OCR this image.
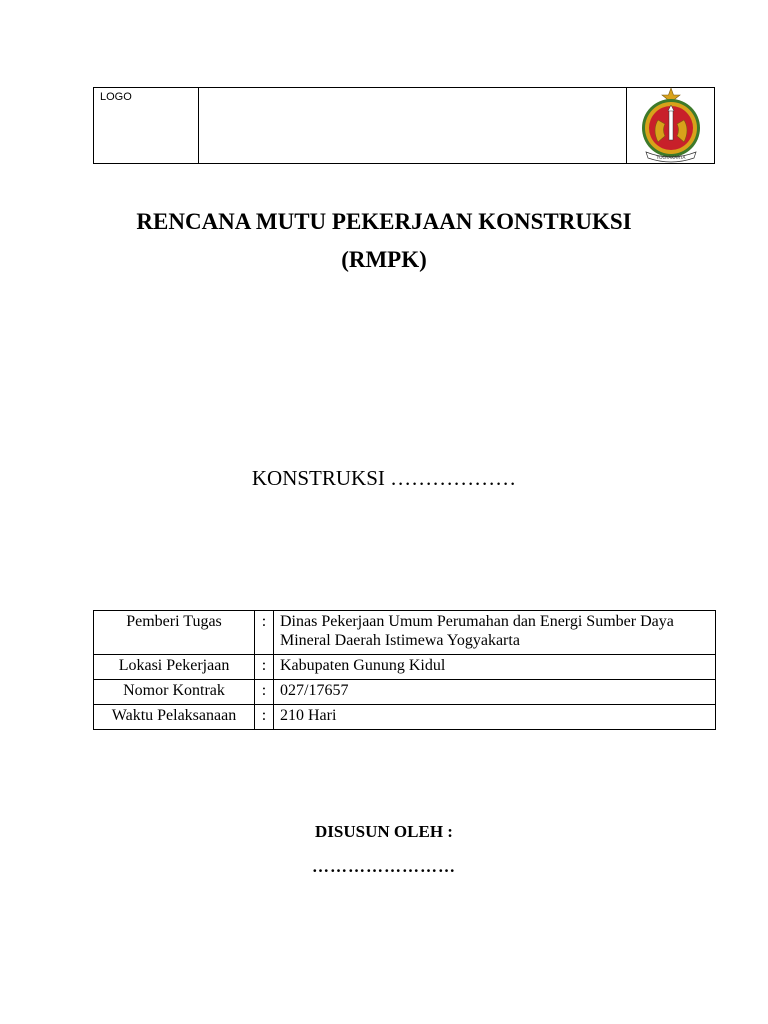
LOGO
YOGYAKARTA
RENCANA MUTU PEKERJAAN KONSTRUKSI
(RMPK)
KONSTRUKSI ………………
Pemberi Tugas	:	Dinas Pekerjaan Umum Perumahan dan Energi Sumber Daya Mineral Daerah Istimewa Yogyakarta
Lokasi Pekerjaan	:	Kabupaten Gunung Kidul
Nomor Kontrak	:	027/17657
Waktu Pelaksanaan	:	210 Hari
DISUSUN OLEH :
……………………
